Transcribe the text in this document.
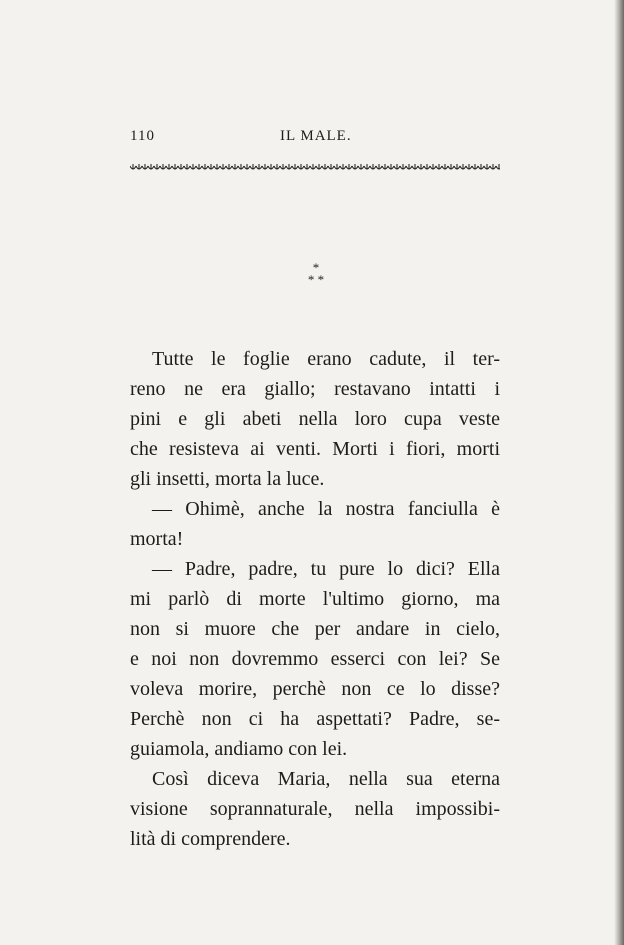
110	IL MALE.
*
* *

Tutte le foglie erano cadute, il ter-
reno ne era giallo; restavano intatti i
pini e gli abeti nella loro cupa veste
che resisteva ai venti. Morti i fiori, morti
gli insetti, morta la luce.

— Ohimè, anche la nostra fanciulla è
morta!

— Padre, padre, tu pure lo dici? Ella
mi parlò di morte l'ultimo giorno, ma
non si muore che per andare in cielo,
e noi non dovremmo esserci con lei? Se
voleva morire, perchè non ce lo disse?
Perchè non ci ha aspettati? Padre, se-
guiamola, andiamo con lei.

Così diceva Maria, nella sua eterna
visione soprannaturale, nella impossibi-
lità di comprendere.
